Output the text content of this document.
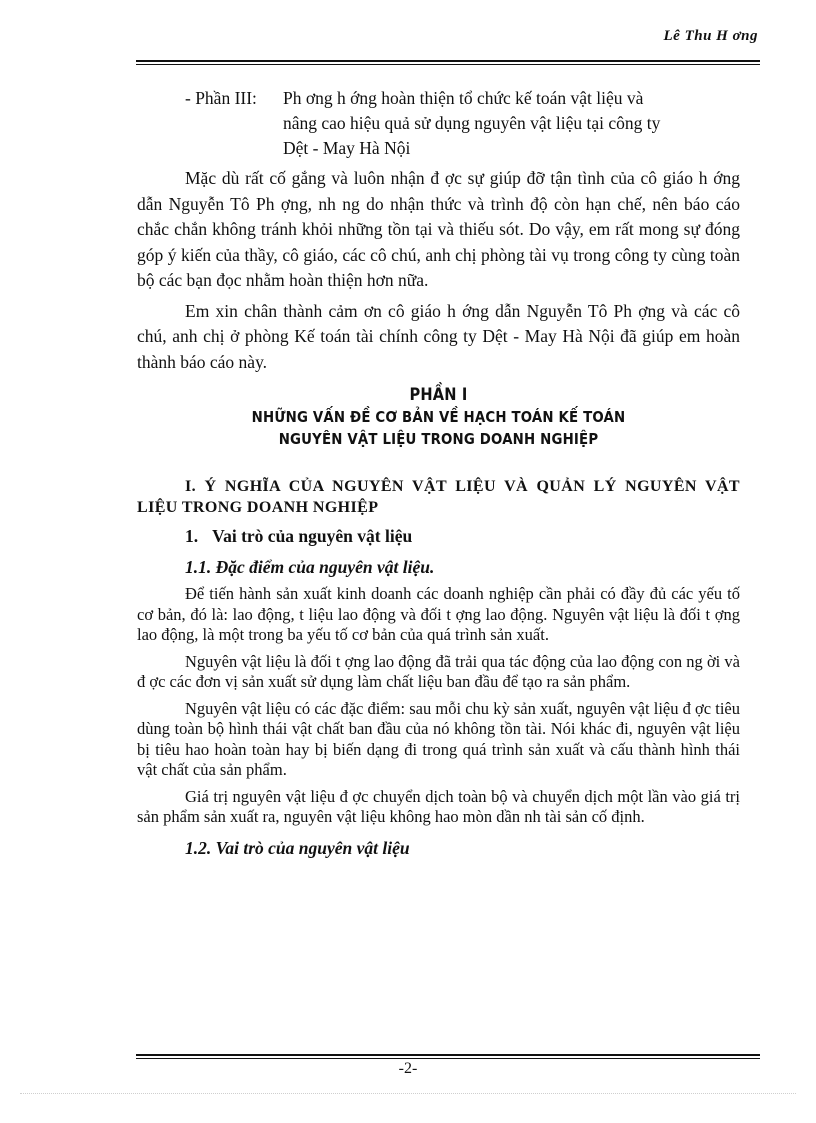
Lê Thu H ơng
- Phần III:	Ph ơng h ớng hoàn thiện tổ chức kế toán vật liệu và
nâng cao hiệu quả sử dụng nguyên vật liệu tại công ty
Dệt - May Hà Nội

Mặc dù rất cố gắng và luôn nhận đ ợc sự giúp đỡ tận tình của cô giáo h ớng dẫn Nguyễn Tô Ph ợng, nh ng do nhận thức và trình độ còn hạn chế, nên báo cáo chắc chắn không tránh khỏi những tồn tại và thiếu sót. Do vậy, em rất mong sự đóng góp ý kiến của thầy, cô giáo, các cô chú, anh chị phòng tài vụ trong công ty cùng toàn bộ các bạn đọc nhằm hoàn thiện hơn nữa.

Em xin chân thành cảm ơn cô giáo h ớng dẫn Nguyễn Tô Ph ợng và các cô chú, anh chị ở phòng Kế toán tài chính công ty Dệt - May Hà Nội đã giúp em hoàn thành báo cáo này.

PHẦN I
NHỮNG VẤN ĐỀ CƠ BẢN VỀ HẠCH TOÁN KẾ TOÁN
NGUYÊN VẬT LIỆU TRONG DOANH NGHIỆP
I. Ý NGHĨA CỦA NGUYÊN VẬT LIỆU VÀ QUẢN LÝ NGUYÊN VẬT LIỆU TRONG DOANH NGHIỆP
1. Vai trò của nguyên vật liệu
1.1. Đặc điểm của nguyên vật liệu.

Để tiến hành sản xuất kinh doanh các doanh nghiệp cần phải có đầy đủ các yếu tố cơ bản, đó là: lao động, t liệu lao động và đối t ợng lao động. Nguyên vật liệu là đối t ợng lao động, là một trong ba yếu tố cơ bản của quá trình sản xuất.

Nguyên vật liệu là đối t ợng lao động đã trải qua tác động của lao động con ng ời và đ ợc các đơn vị sản xuất sử dụng làm chất liệu ban đầu để tạo ra sản phẩm.

Nguyên vật liệu có các đặc điểm: sau mỗi chu kỳ sản xuất, nguyên vật liệu đ ợc tiêu dùng toàn bộ hình thái vật chất ban đầu của nó không tồn tài. Nói khác đi, nguyên vật liệu bị tiêu hao hoàn toàn hay bị biến dạng đi trong quá trình sản xuất và cấu thành hình thái vật chất của sản phẩm.

Giá trị nguyên vật liệu đ ợc chuyển dịch toàn bộ và chuyển dịch một lần vào giá trị sản phẩm sản xuất ra, nguyên vật liệu không hao mòn dần nh tài sản cố định.

1.2. Vai trò của nguyên vật liệu
-2-
